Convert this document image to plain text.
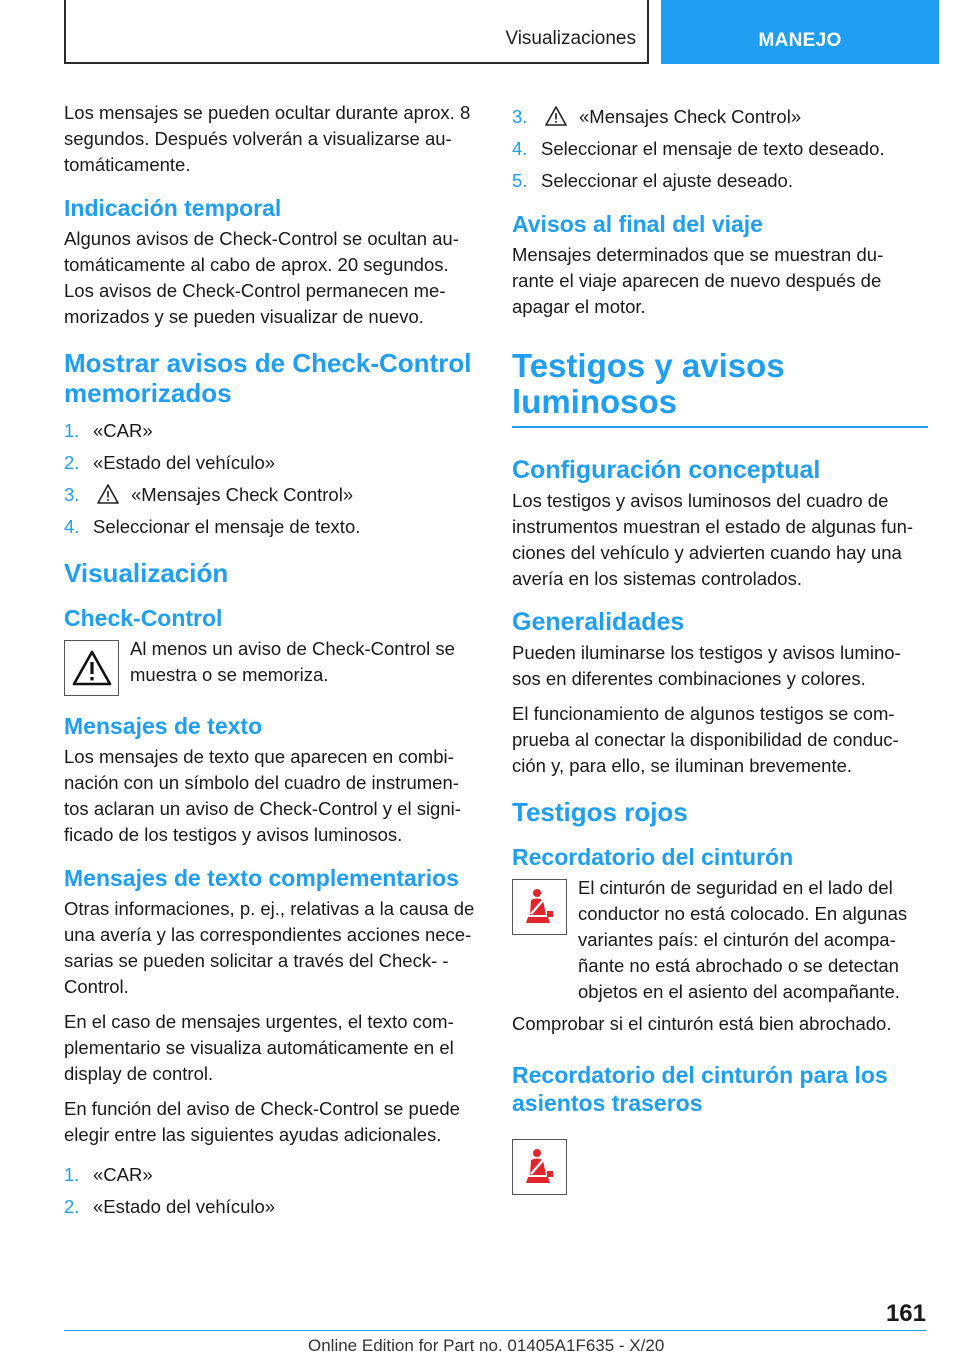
Visualizaciones	MANEJO

Los mensajes se pueden ocultar durante aprox. 8 segundos. Después volverán a visualizarse au‐ tomáticamente.

Indicación temporal

Algunos avisos de Check-Control se ocultan au‐ tomáticamente al cabo de aprox. 20 segundos. Los avisos de Check-Control permanecen me‐ morizados y se pueden visualizar de nuevo.

Mostrar avisos de Check-Control memorizados
1. «CAR»
2. «Estado del vehículo»
3.	«Mensajes Check Control»
4. Seleccionar el mensaje de texto.
Visualización
Check-Control

Al menos un aviso de Check-Control se muestra o se memoriza.

Mensajes de texto

Los mensajes de texto que aparecen en combi‐ nación con un símbolo del cuadro de instrumen‐ tos aclaran un aviso de Check-Control y el signi‐ ficado de los testigos y avisos luminosos.

Mensajes de texto complementarios

Otras informaciones, p. ej., relativas a la causa de una avería y las correspondientes acciones nece‐ sarias se pueden solicitar a través del Check- -Control.

En el caso de mensajes urgentes, el texto com‐ plementario se visualiza automáticamente en el display de control.

En función del aviso de Check-Control se puede elegir entre las siguientes ayudas adicionales.

1. «CAR»
2. «Estado del vehículo»
3.	«Mensajes Check Control»
4. Seleccionar el mensaje de texto deseado.
5. Seleccionar el ajuste deseado.
Avisos al final del viaje

Mensajes determinados que se muestran du‐ rante el viaje aparecen de nuevo después de apagar el motor.

Testigos y avisos luminosos
Configuración conceptual

Los testigos y avisos luminosos del cuadro de instrumentos muestran el estado de algunas fun‐ ciones del vehículo y advierten cuando hay una avería en los sistemas controlados.

Generalidades

Pueden iluminarse los testigos y avisos lumino‐ sos en diferentes combinaciones y colores.

El funcionamiento de algunos testigos se com‐ prueba al conectar la disponibilidad de conduc‐ ción y, para ello, se iluminan brevemente.

Testigos rojos
Recordatorio del cinturón

El cinturón de seguridad en el lado del conductor no está colocado. En algunas variantes país: el cinturón del acompa‐ ñante no está abrochado o se detectan objetos en el asiento del acompañante.

Comprobar si el cinturón está bien abrochado.

Recordatorio del cinturón para los asientos traseros
161
Online Edition for Part no. 01405A1F635 - X/20
